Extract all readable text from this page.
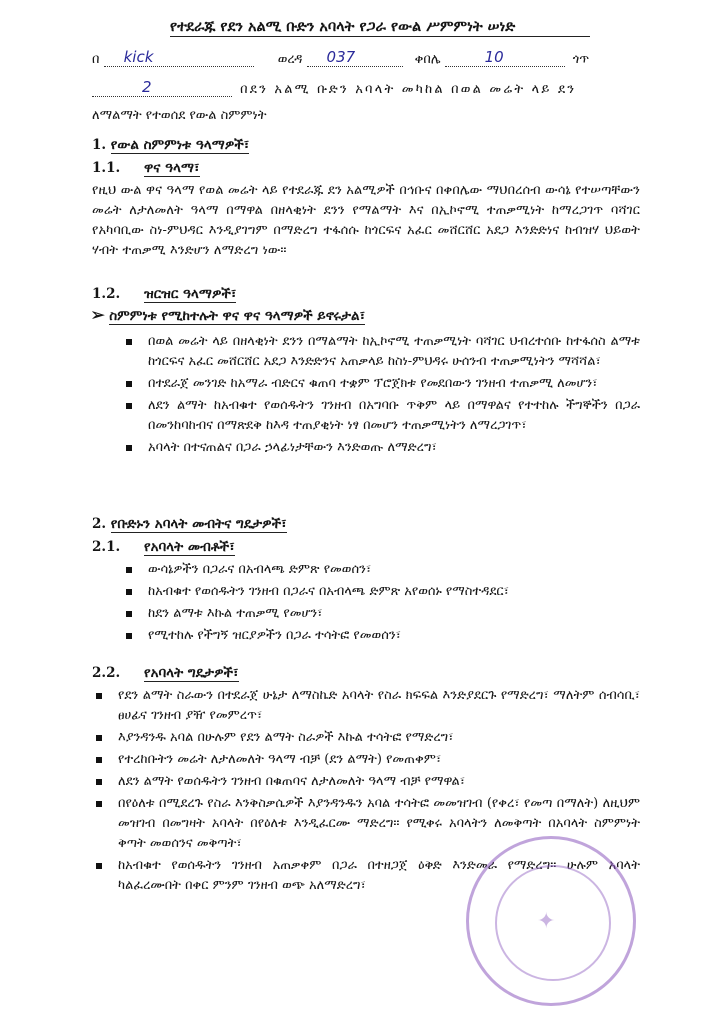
የተደራጁ የደን አልሚ ቡድን አባላት የጋራ የውል ሥምምነት ሠነድ
በ kick	ወረዳ 037	ቀበሌ	10	ጎጥ
2	በደን አልሚ ቡድን አባላት መካከል በወል መሬት ላይ ደን
ለማልማት የተወሰደ የውል ስምምነት
1. የውል ስምምነቱ ዓላማዎች፣
1.1. ዋና ዓላማ፣
የዚህ ውል ዋና ዓላማ የወል መሬት ላይ የተደራጁ ደን አልሚዎች በኅቡና በቀበሌው ማህበረሰብ ውሳኔ የተሠጣቸውን መሬት ለታለመለት ዓላማ በማዋል በዘላቂነት ደንን የማልማት እና በኢኮኖሚ ተጠቃሚነት ከማረጋገጥ ባሻገር የአካባቢው ስነ-ምህዳር እንዲያገግም በማድረግ ተፋሰሱ ከጎርፍና አፈር መሸርሸር አደጋ እንድድነና ከብዝሃ ህይወት ሃብት ተጠቃሚ እንድሆን ለማድረግ ነው።
1.2. ዝርዝር ዓላማዎች፣
➢ ስምምነቱ የሚከተሉት ዋና ዋና ዓላማዎች ይኖሩታል፣
በወል መሬት ላይ በዘላቂነት ደንን በማልማት ከኢኮኖሚ ተጠቃሚነት ባሻገር ህብረተሰቡ ከተፋሰስ ልማቱ ከጎርፍና አፈር መሸርሸር አደጋ እንድድንና አጠቃላይ ከስነ-ምህዳሩ ሁሰንብ ተጠቃሚነትን ማሻሻል፣
በተደራጀ መንገድ ከአማራ ብድርና ቁጠባ ተቋም ፕሮጀክቱ የመደበውን ገንዘብ ተጠቃሚ ለመሆን፣
ለደን ልማት ከአብቁተ የወሰዱትን ገንዘብ በአግባቡ ጥቅም ላይ በማዋልና የተተከሉ ችግኞችን በጋራ በመንከባከብና በማጽደቅ ከእዳ ተጠያቂነት ነፃ በመሆን ተጠቃሚነትን ለማረጋገጥ፣
አባላት በተናጠልና በጋራ ኃላፊነታቸውን እንድወጡ ለማድረግ፣
2. የቡድኑን አባላት መብትና ግዴታዎች፣
2.1. የአባላት መብቶች፣
ውሳኔዎችን በጋራና በአብላጫ ድምጽ የመወሰን፣
ከአብቁተ የወሰዱትን ገንዘብ በጋራና በአብላጫ ድምጽ አየወሰኑ የማስተዳደር፣
ከደን ልማቱ እኩል ተጠቃሚ የመሆን፣
የሚተከሉ የችግኝ ዝርያዎችን በጋራ ተሳትፎ የመወሰን፣
2.2. የአባላት ግዴታዎች፣
የደን ልማት ስራውን በተደራጀ ሁኔታ ለማስኬድ አባላት የስራ ክፍፍል እንድያደርጉ የማድረግ፣ ማለትም ሰብሳቢ፣ ፀሀፊና ገንዘብ ያዥ የመምረጥ፣
እያንዳንዱ አባል በሁሉም የደን ልማት ስራዎች እኩል ተሳትፎ የማድረግ፣
የተረከቡትን መሬት ለታለመለት ዓላማ ብቻ (ደን ልማት) የመጠቀም፣
ለደን ልማት የወሰዱትን ገንዘብ በቁጠባና ለታለመለት ዓላማ ብቻ የማዋል፣
በየዕለቱ በሚደረጉ የስራ እንቅስቃሴዎች እያንዳንዱን አባል ተሳትፎ መመዝገብ (የቀረ፣ የመጣ በማለት) ለዚህም መዝገብ በመግዛት አባላት በየዕለቱ እንዲፈርሙ ማድረግ። የሚቀሩ አባላትን ለመቅጣት በአባላት ስምምነት ቅጣት መወሰንና መቅጣት፣
ከአብቁተ የወሰዱትን ገንዘብ አጠቃቀም በጋራ በተዘጋጀ ዕቅድ እንድመራ የማድረግ። ሁሉም አባላት ካልፈረሙበት በቀር ምንም ገንዘብ ወጭ አለማድረግ፣
✦
